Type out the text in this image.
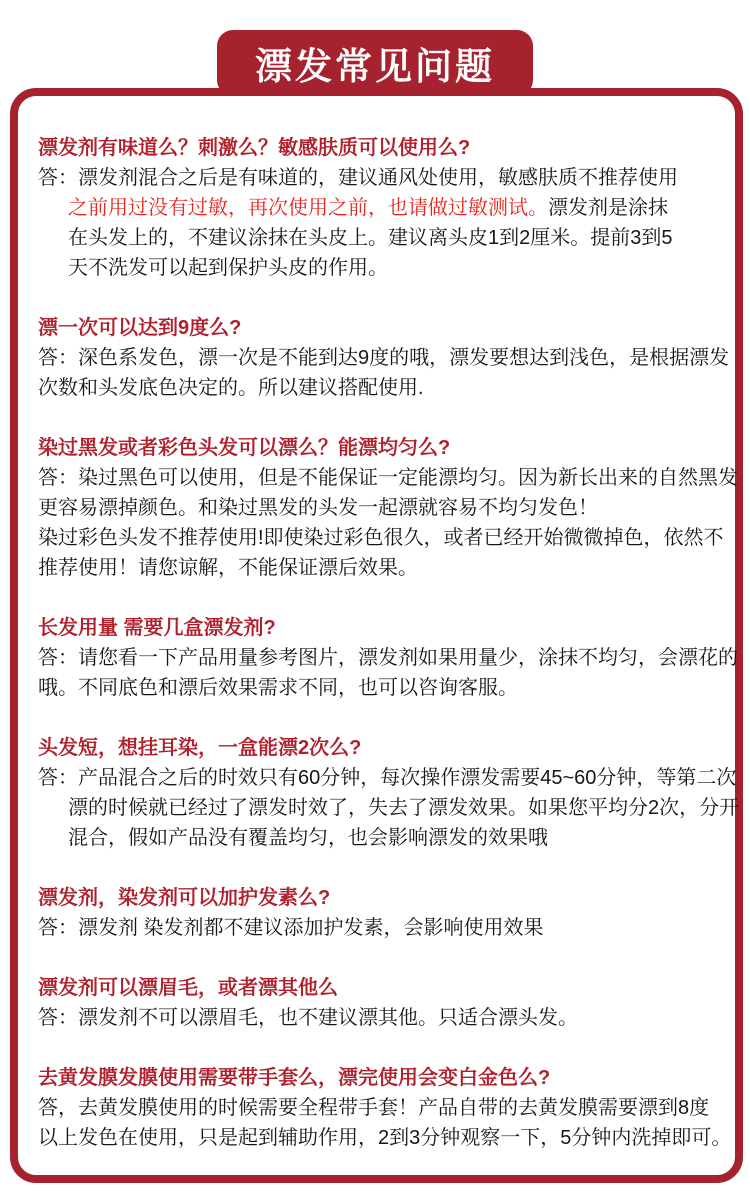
漂发常见问题
漂发剂有味道么？刺激么？敏感肤质可以使用么?
答：漂发剂混合之后是有味道的，建议通风处使用，敏感肤质不推荐使用
之前用过没有过敏，再次使用之前，也请做过敏测试。漂发剂是涂抹
在头发上的，不建议涂抹在头皮上。建议离头皮1到2厘米。提前3到5
天不洗发可以起到保护头皮的作用。
漂一次可以达到9度么?
答：深色系发色，漂一次是不能到达9度的哦，漂发要想达到浅色，是根据漂发
次数和头发底色决定的。所以建议搭配使用.
染过黑发或者彩色头发可以漂么？能漂均匀么?
答：染过黑色可以使用，但是不能保证一定能漂均匀。因为新长出来的自然黑发
更容易漂掉颜色。和染过黑发的头发一起漂就容易不均匀发色！
染过彩色头发不推荐使用!即使染过彩色很久，或者已经开始微微掉色，依然不
推荐使用！请您谅解，不能保证漂后效果。
长发用量 需要几盒漂发剂?
答：请您看一下产品用量参考图片，漂发剂如果用量少，涂抹不均匀，会漂花的
哦。不同底色和漂后效果需求不同，也可以咨询客服。
头发短，想挂耳染，一盒能漂2次么?
答：产品混合之后的时效只有60分钟，每次操作漂发需要45~60分钟，等第二次
漂的时候就已经过了漂发时效了，失去了漂发效果。如果您平均分2次，分开
混合，假如产品没有覆盖均匀，也会影响漂发的效果哦
漂发剂，染发剂可以加护发素么?
答：漂发剂 染发剂都不建议添加护发素，会影响使用效果
漂发剂可以漂眉毛，或者漂其他么
答：漂发剂不可以漂眉毛，也不建议漂其他。只适合漂头发。
去黄发膜发膜使用需要带手套么，漂完使用会变白金色么?
答，去黄发膜使用的时候需要全程带手套！产品自带的去黄发膜需要漂到8度
以上发色在使用，只是起到辅助作用，2到3分钟观察一下，5分钟内洗掉即可。
